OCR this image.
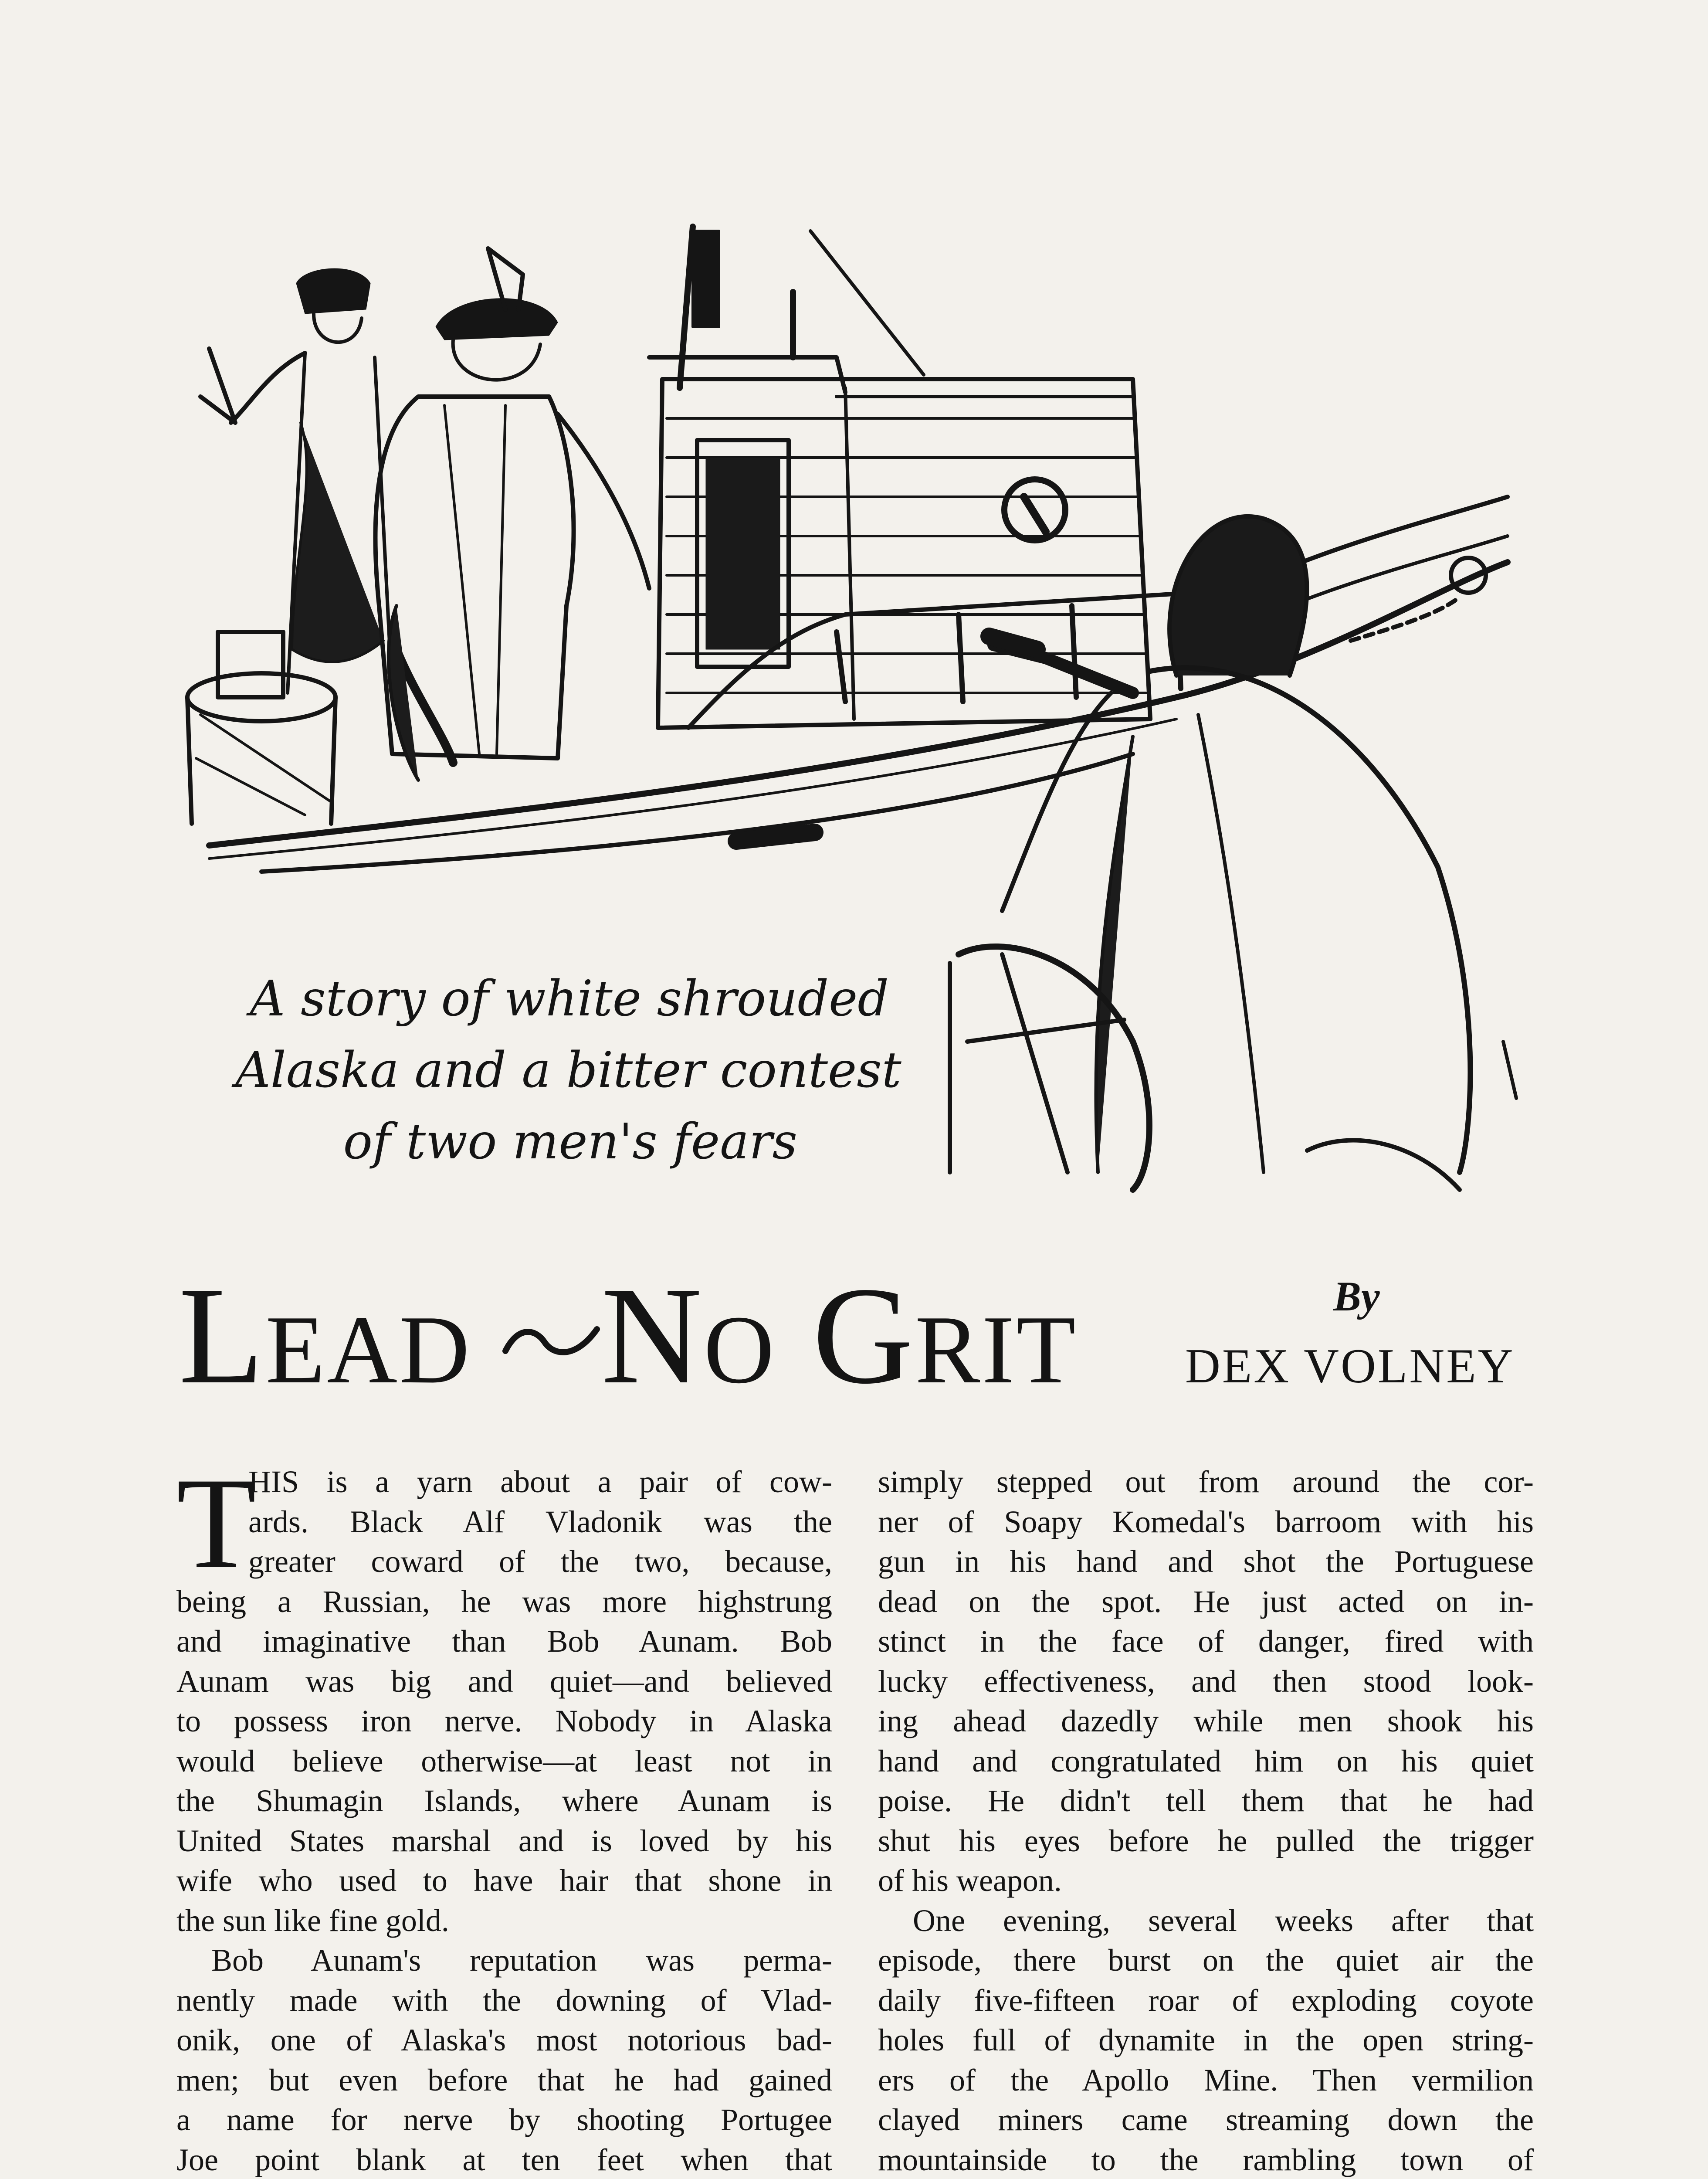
A story of white shrouded
Alaska and a bitter contest
of two men's fears
Lead No Grit	By
DEX VOLNEY
T
HIS is a yarn about a pair of cow-
ards. Black Alf Vladonik was the
greater coward of the two, because,
being a Russian, he was more highstrung
and imaginative than Bob Aunam. Bob
Aunam was big and quiet—and believed
to possess iron nerve. Nobody in Alaska
would believe otherwise—at least not in
the Shumagin Islands, where Aunam is
United States marshal and is loved by his
wife who used to have hair that shone in
the sun like fine gold.
Bob Aunam's reputation was perma-
nently made with the downing of Vlad-
onik, one of Alaska's most notorious bad-
men; but even before that he had gained
a name for nerve by shooting Portugee
Joe point blank at ten feet when that
simply stepped out from around the cor-
ner of Soapy Komedal's barroom with his
gun in his hand and shot the Portuguese
dead on the spot. He just acted on in-
stinct in the face of danger, fired with
lucky effectiveness, and then stood look-
ing ahead dazedly while men shook his
hand and congratulated him on his quiet
poise. He didn't tell them that he had
shut his eyes before he pulled the trigger
of his weapon.
One evening, several weeks after that
episode, there burst on the quiet air the
daily five-fifteen roar of exploding coyote
holes full of dynamite in the open string-
ers of the Apollo Mine. Then vermilion
clayed miners came streaming down the
mountainside to the rambling town of
